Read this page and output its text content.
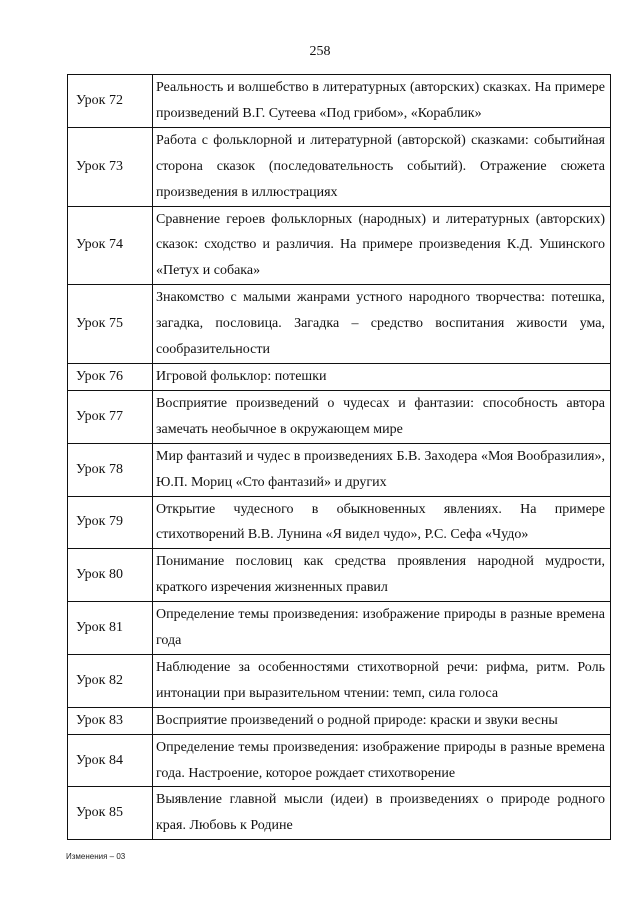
258
Урок 72	Реальность и волшебство в литературных (авторских) сказках. На примере произведений В.Г. Сутеева «Под грибом», «Кораблик»
Урок 73	Работа с фольклорной и литературной (авторской) сказками: событийная сторона сказок (последовательность событий). Отражение сюжета произведения в иллюстрациях
Урок 74	Сравнение героев фольклорных (народных) и литературных (авторских) сказок: сходство и различия. На примере произведения К.Д. Ушинского «Петух и собака»
Урок 75	Знакомство с малыми жанрами устного народного творчества: потешка, загадка, пословица. Загадка – средство воспитания живости ума, сообразительности
Урок 76	Игровой фольклор: потешки
Урок 77	Восприятие произведений о чудесах и фантазии: способность автора замечать необычное в окружающем мире
Урок 78	Мир фантазий и чудес в произведениях Б.В. Заходера «Моя Вообразилия», Ю.П. Мориц «Сто фантазий» и других
Урок 79	Открытие чудесного в обыкновенных явлениях. На примере стихотворений В.В. Лунина «Я видел чудо», Р.С. Сефа «Чудо»
Урок 80	Понимание пословиц как средства проявления народной мудрости, краткого изречения жизненных правил
Урок 81	Определение темы произведения: изображение природы в разные времена года
Урок 82	Наблюдение за особенностями стихотворной речи: рифма, ритм. Роль интонации при выразительном чтении: темп, сила голоса
Урок 83	Восприятие произведений о родной природе: краски и звуки весны
Урок 84	Определение темы произведения: изображение природы в разные времена года. Настроение, которое рождает стихотворение
Урок 85	Выявление главной мысли (идеи) в произведениях о природе родного края. Любовь к Родине
Изменения – 03
